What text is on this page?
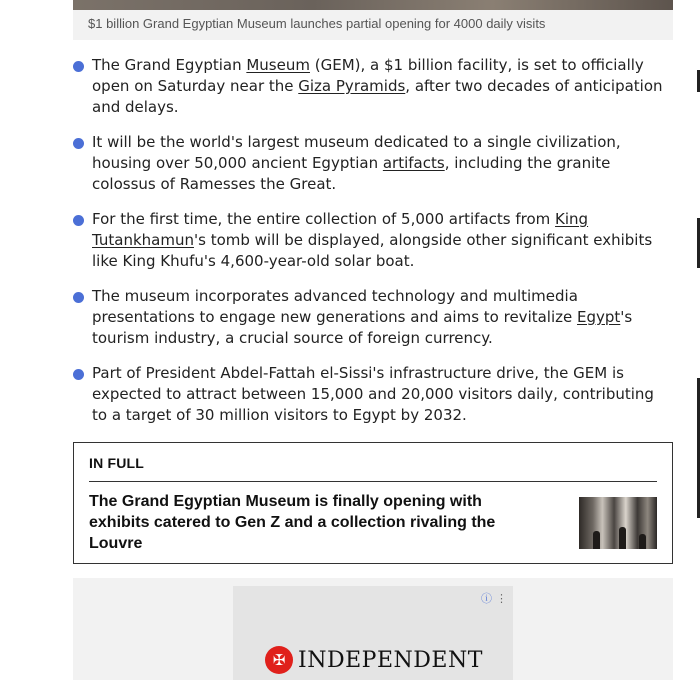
$1 billion Grand Egyptian Museum launches partial opening for 4000 daily visits
The Grand Egyptian Museum (GEM), a $1 billion facility, is set to officially open on Saturday near the Giza Pyramids, after two decades of anticipation and delays.
It will be the world's largest museum dedicated to a single civilization, housing over 50,000 ancient Egyptian artifacts, including the granite colossus of Ramesses the Great.
For the first time, the entire collection of 5,000 artifacts from King Tutankhamun's tomb will be displayed, alongside other significant exhibits like King Khufu's 4,600-year-old solar boat.
The museum incorporates advanced technology and multimedia presentations to engage new generations and aims to revitalize Egypt's tourism industry, a crucial source of foreign currency.
Part of President Abdel-Fattah el-Sissi's infrastructure drive, the GEM is expected to attract between 15,000 and 20,000 visitors daily, contributing to a target of 30 million visitors to Egypt by 2032.
IN FULL
The Grand Egyptian Museum is finally opening with exhibits catered to Gen Z and a collection rivaling the Louvre
ⓘ ⋮
✠ INDEPENDENT
